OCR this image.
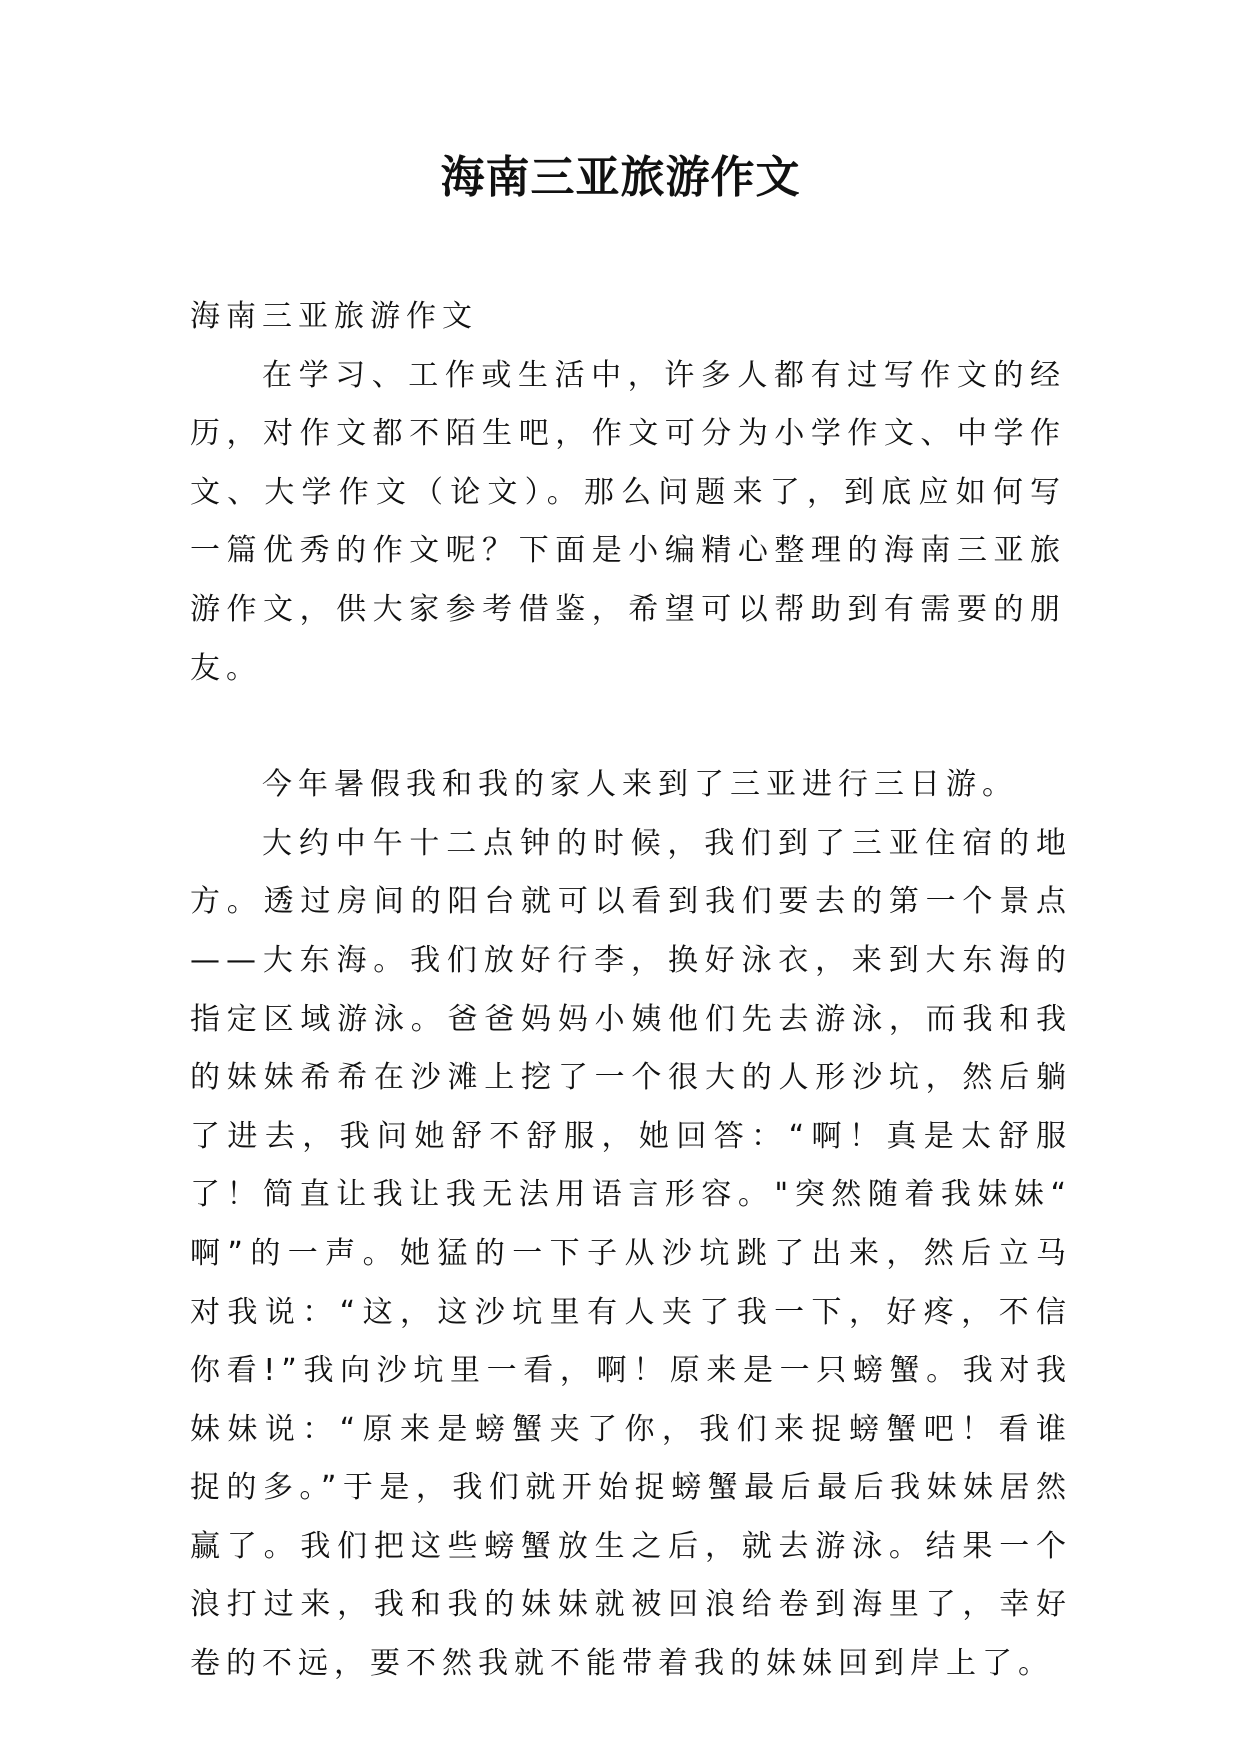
海南三亚旅游作文

海南三亚旅游作文

在学习、工作或生活中，许多人都有过写作文的经历，对作文都不陌生吧，作文可分为小学作文、中学作文、大学作文（论文）。那么问题来了，到底应如何写一篇优秀的作文呢？下面是小编精心整理的海南三亚旅游作文，供大家参考借鉴，希望可以帮助到有需要的朋友。

今年暑假我和我的家人来到了三亚进行三日游。

大约中午十二点钟的时候，我们到了三亚住宿的地方。透过房间的阳台就可以看到我们要去的第一个景点——大东海。我们放好行李，换好泳衣，来到大东海的指定区域游泳。爸爸妈妈小姨他们先去游泳，而我和我的妹妹希希在沙滩上挖了一个很大的人形沙坑，然后躺了进去，我问她舒不舒服，她回答：“啊！真是太舒服了！简直让我让我无法用语言形容。"突然随着我妹妹“啊”的一声。她猛的一下子从沙坑跳了出来，然后立马对我说：“这，这沙坑里有人夹了我一下，好疼，不信你看!”我向沙坑里一看，啊！原来是一只螃蟹。我对我妹妹说：“原来是螃蟹夹了你，我们来捉螃蟹吧！看谁捉的多。”于是，我们就开始捉螃蟹最后最后我妹妹居然赢了。我们把这些螃蟹放生之后，就去游泳。结果一个浪打过来，我和我的妹妹就被回浪给卷到海里了，幸好卷的不远，要不然我就不能带着我的妹妹回到岸上了。
